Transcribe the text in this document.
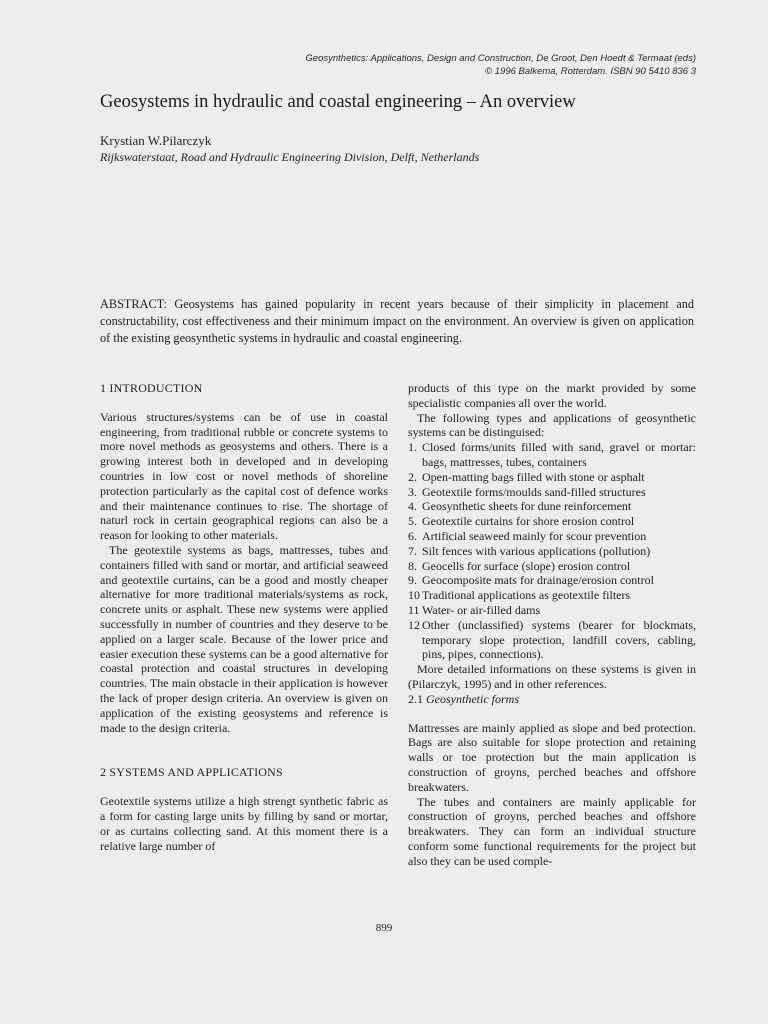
Geosynthetics: Applications, Design and Construction, De Groot, Den Hoedt & Termaat (eds)
© 1996 Balkema, Rotterdam. ISBN 90 5410 836 3
Geosystems in hydraulic and coastal engineering – An overview
Krystian W.Pilarczyk
Rijkswaterstaat, Road and Hydraulic Engineering Division, Delft, Netherlands
ABSTRACT: Geosystems has gained popularity in recent years because of their simplicity in placement and constructability, cost effectiveness and their minimum impact on the environment. An overview is given on application of the existing geosynthetic systems in hydraulic and coastal engineering.
1 INTRODUCTION

Various structures/systems can be of use in coastal engineering, from traditional rubble or concrete systems to more novel methods as geosystems and others. There is a growing interest both in developed and in developing countries in low cost or novel methods of shoreline protection particularly as the capital cost of defence works and their maintenance continues to rise. The shortage of naturl rock in certain geographical regions can also be a reason for looking to other materials.

The geotextile systems as bags, mattresses, tubes and containers filled with sand or mortar, and artificial seaweed and geotextile curtains, can be a good and mostly cheaper alternative for more traditional materials/systems as rock, concrete units or asphalt. These new systems were applied successfully in number of countries and they deserve to be applied on a larger scale. Because of the lower price and easier execution these systems can be a good alternative for coastal protection and coastal structures in developing countries. The main obstacle in their application is however the lack of proper design criteria. An overview is given on application of the existing geosystems and reference is made to the design criteria.

2 SYSTEMS AND APPLICATIONS

Geotextile systems utilize a high strengt synthetic fabric as a form for casting large units by filling by sand or mortar, or as curtains collecting sand. At this moment there is a relative large number of

products of this type on the markt provided by some specialistic companies all over the world.

The following types and applications of geosynthetic systems can be distinguised:

1. Closed forms/units filled with sand, gravel or mortar: bags, mattresses, tubes, containers
2. Open-matting bags filled with stone or asphalt
3. Geotextile forms/moulds sand-filled structures
4. Geosynthetic sheets for dune reinforcement
5. Geotextile curtains for shore erosion control
6. Artificial seaweed mainly for scour prevention
7. Silt fences with various applications (pollution)
8. Geocells for surface (slope) erosion control
9. Geocomposite mats for drainage/erosion control
10 Traditional applications as geotextile filters
11 Water- or air-filled dams
12 Other (unclassified) systems (bearer for blockmats, temporary slope protection, landfill covers, cabling, pins, pipes, connections).

More detailed informations on these systems is given in (Pilarczyk, 1995) and in other references.

2.1 Geosynthetic forms

Mattresses are mainly applied as slope and bed protection. Bags are also suitable for slope protection and retaining walls or toe protection but the main application is construction of groyns, perched beaches and offshore breakwaters.

The tubes and containers are mainly applicable for construction of groyns, perched beaches and offshore breakwaters. They can form an individual structure conform some functional requirements for the project but also they can be used comple-

899
